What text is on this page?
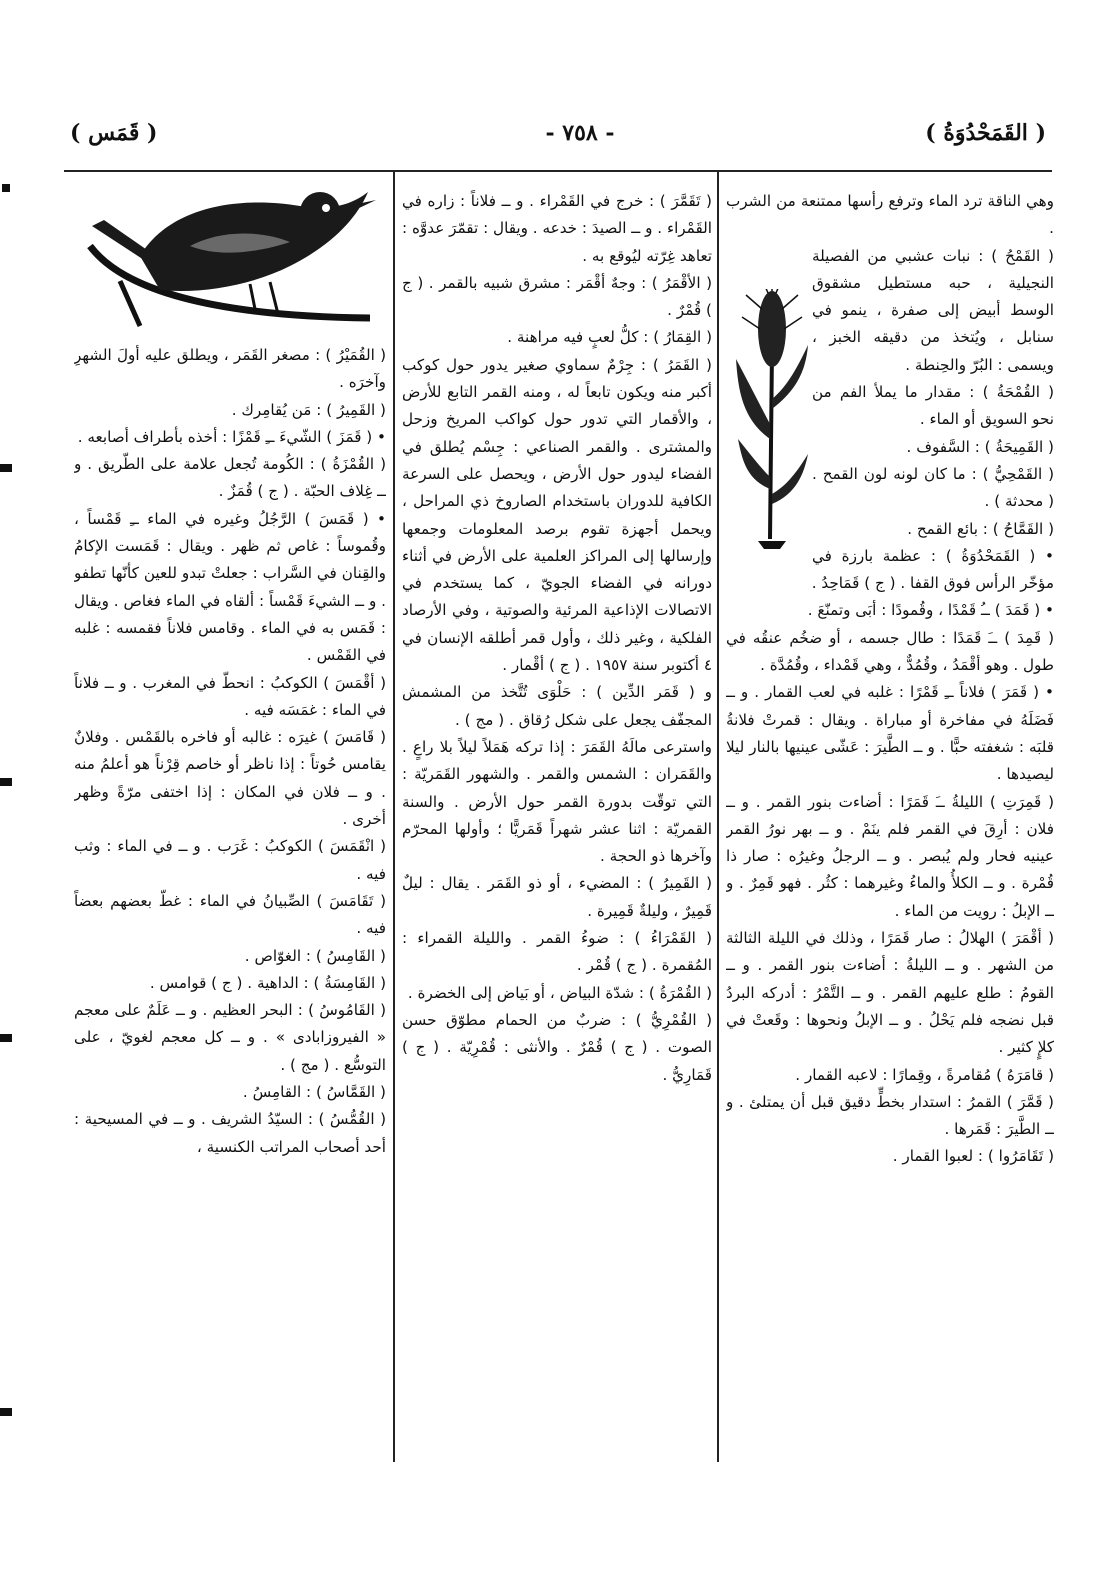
( قَمَس )	- ٧٥٨ -	( القَمَحْدُوَةُ )

وهي الناقة ترد الماء وترفع رأسها ممتنعة من الشرب .

( القَمْحُ ) : نبات عشبي من الفصيلة النجيلية ، حبه مستطيل مشقوق الوسط أبيض إلى صفرة ، ينمو في سنابل ، ويُتخذ من دقيقه الخبز ، ويسمى : البُرّ والحِنطة .

( القُمْحَةُ ) : مقدار ما يملأ الفم من نحو السويق أو الماء .

( القَمِيحَةُ ) : السَّفوف .

( القَمْحِيُّ ) : ما كان لونه لون القمح . ( محدثة ) .

( القَمَّاحُ ) : بائع القمح .

• ( القَمَحْدُوَةُ ) : عظمة بارزة في مؤخّر الرأس فوق القفا . ( ج ) قَمَاحِدُ .

• ( قَمَدَ ) ــُ قَمْدًا ، وقُمودًا : أبَى وتمنّعَ .

( قَمِدَ ) ــَ قَمَدًا : طال جسمه ، أو ضخُم عنقُه في طول . وهو أقْمَدُ ، وقُمُدٌّ ، وهي قَمْداء ، وقُمُدَّة .

• ( قَمَرَ ) فلاناً ــِ قَمْرًا : غلبه في لعب القمار . و ــ فَضَلَهُ في مفاخرة أو مباراة . ويقال : قمرتْ فلانةُ قلبَه : شغفته حبًّا . و ــ الطَّيرَ : عَشّى عينيها بالنار ليلا ليصيدها .

( قَمِرَتِ ) الليلةُ ــَ قَمَرًا : أضاءت بنور القمر . و ــ فلان : أرِقَ في القمر فلم ينَمْ . و ــ بهر نورُ القمر عينيه فحار ولم يُبصر . و ــ الرجلُ وغيرُه : صار ذا قُمْرة . و ــ الكلأُ والماءُ وغيرهما : كثُر . فهو قَمِرٌ . و ــ الإبلُ : رويت من الماء .

( أقْمَرَ ) الهلالُ : صار قَمَرًا ، وذلك في الليلة الثالثة من الشهر . و ــ الليلةُ : أضاءت بنور القمر . و ــ القومُ : طلع عليهم القمر . و ــ التَّمْرُ : أدركه البردُ قبل نضجه فلم يَحْلُ . و ــ الإبلُ ونحوها : وقَعتْ في كلإٍ كثير .

( قامَرَهُ ) مُقامرةً ، وقِمارًا : لاعبه القمار .

( قَمَّرَ ) القمرُ : استدار بخطٍّ دقيق قبل أن يمتلئ . و ــ الطَّيرَ : قَمَرها .

( تَقَامَرُوا ) : لعبوا القمار .

( تَقَمَّرَ ) : خرج في القَمْراء . و ــ فلاناً : زاره في القَمْراء . و ــ الصيدَ : خدعه . ويقال : تقمّرَ عدوَّه : تعاهد غِرّته ليُوقع به .

( الأقْمَرُ ) : وجهٌ أقْمَر : مشرق شبيه بالقمر . ( ج ) قُمْرٌ .

( القِمَارُ ) : كلُّ لعبٍ فيه مراهنة .

( القَمَرُ ) : جِرْمٌ سماوي صغير يدور حول كوكب أكبر منه ويكون تابعاً له ، ومنه القمر التابع للأرض ، والأقمار التي تدور حول كواكب المريخ وزحل والمشترى . والقمر الصناعي : جِسْم يُطلق في الفضاء ليدور حول الأرض ، ويحصل على السرعة الكافية للدوران باستخدام الصاروخ ذي المراحل ، ويحمل أجهزة تقوم برصد المعلومات وجمعها وإرسالها إلى المراكز العلمية على الأرض في أثناء دورانه في الفضاء الجويّ ، كما يستخدم في الاتصالات الإذاعية المرئية والصوتية ، وفي الأرصاد الفلكية ، وغير ذلك ، وأول قمر أطلقه الإنسان في ٤ أكتوبر سنة ١٩٥٧ . ( ج ) أقْمار .

و ( قَمَر الدِّين ) : حَلْوَى تُتَّخذ من المشمش المجفّف يجعل على شكل رُقاق . ( مج ) .

واسترعى مالَهُ القَمَرَ : إذا تركه هَمَلاً ليلاً بلا راعٍ . والقَمَران : الشمس والقمر . والشهور القَمَريّة : التي توقّت بدورة القمر حول الأرض . والسنة القمريّة : اثنا عشر شهراً قَمَريًّا ؛ وأولها المحرّم وآخرها ذو الحجة .

( القَمِيرُ ) : المضيء ، أو ذو القَمَر . يقال : ليلٌ قَمِيرٌ ، وليلةٌ قَمِيرة .

( القَمْرَاءُ ) : ضوءُ القمر . والليلة القمراء : المُقمرة . ( ج ) قُمْر .

( القُمْرَةُ ) : شدّة البياض ، أو بَياض إلى الخضرة .

( القُمْرِيُّ ) : ضربٌ من الحمام مطوّق حسن الصوت . ( ج ) قُمْرٌ . والأنثى : قُمْرِيّة . ( ج ) قَمَارِيُّ .

( القُمَيْرُ ) : مصغر القَمَر ، ويطلق عليه أولَ الشهرِ وآخرَه .

( القَمِيرُ ) : مَن يُقامِرك .

• ( قَمَزَ ) الشّيءَ ــِ قَمْزًا : أخذه بأطراف أصابعه .

( القُمْزَةُ ) : الكُومة تُجعل علامة على الطّريق . و ــ غِلاف الحبّة . ( ج ) قُمَزٌ .

• ( قَمَسَ ) الرَّجُلُ وغيره في الماء ــِ قَمْساً ، وقُموساً : غاص ثم ظهر . ويقال : قَمَست الإكامُ والقِنان في السَّراب : جعلتْ تبدو للعين كأنّها تطفو . و ــ الشيءَ قَمْساً : ألقاه في الماء فغاص . ويقال : قَمَس به في الماء . وقامس فلاناً فقمسه : غلبه في القَمْس .

( أقْمَسَ ) الكوكبُ : انحطّ في المغرب . و ــ فلاناً في الماء : غمَسَه فيه .

( قَامَسَ ) غيرَه : غالبه أو فاخره بالقَمْس . وفلانٌ يقامس حُوتاً : إذا ناظر أو خاصم قِرْناً هو أعلمُ منه . و ــ فلان في المكان : إذا اختفى مرّةً وظهر أخرى .

( انْقَمَسَ ) الكوكبُ : غَرَب . و ــ في الماء : وثب فيه .

( تَقَامَسَ ) الصِّبيانُ في الماء : غطّ بعضهم بعضاً فيه .

( القَامِسُ ) : الغوّاص .

( القَامِسَةُ ) : الداهية . ( ج ) قوامس .

( القَامُوسُ ) : البحر العظيم . و ــ عَلَمٌ على معجم « الفيروزابادى » . و ــ كل معجم لغويّ ، على التوسُّع . ( مج ) .

( القَمَّاسُ ) : القامِسُ .

( القُمُّسُ ) : السيّدُ الشريف . و ــ في المسيحية : أحد أصحاب المراتب الكنسية ،
